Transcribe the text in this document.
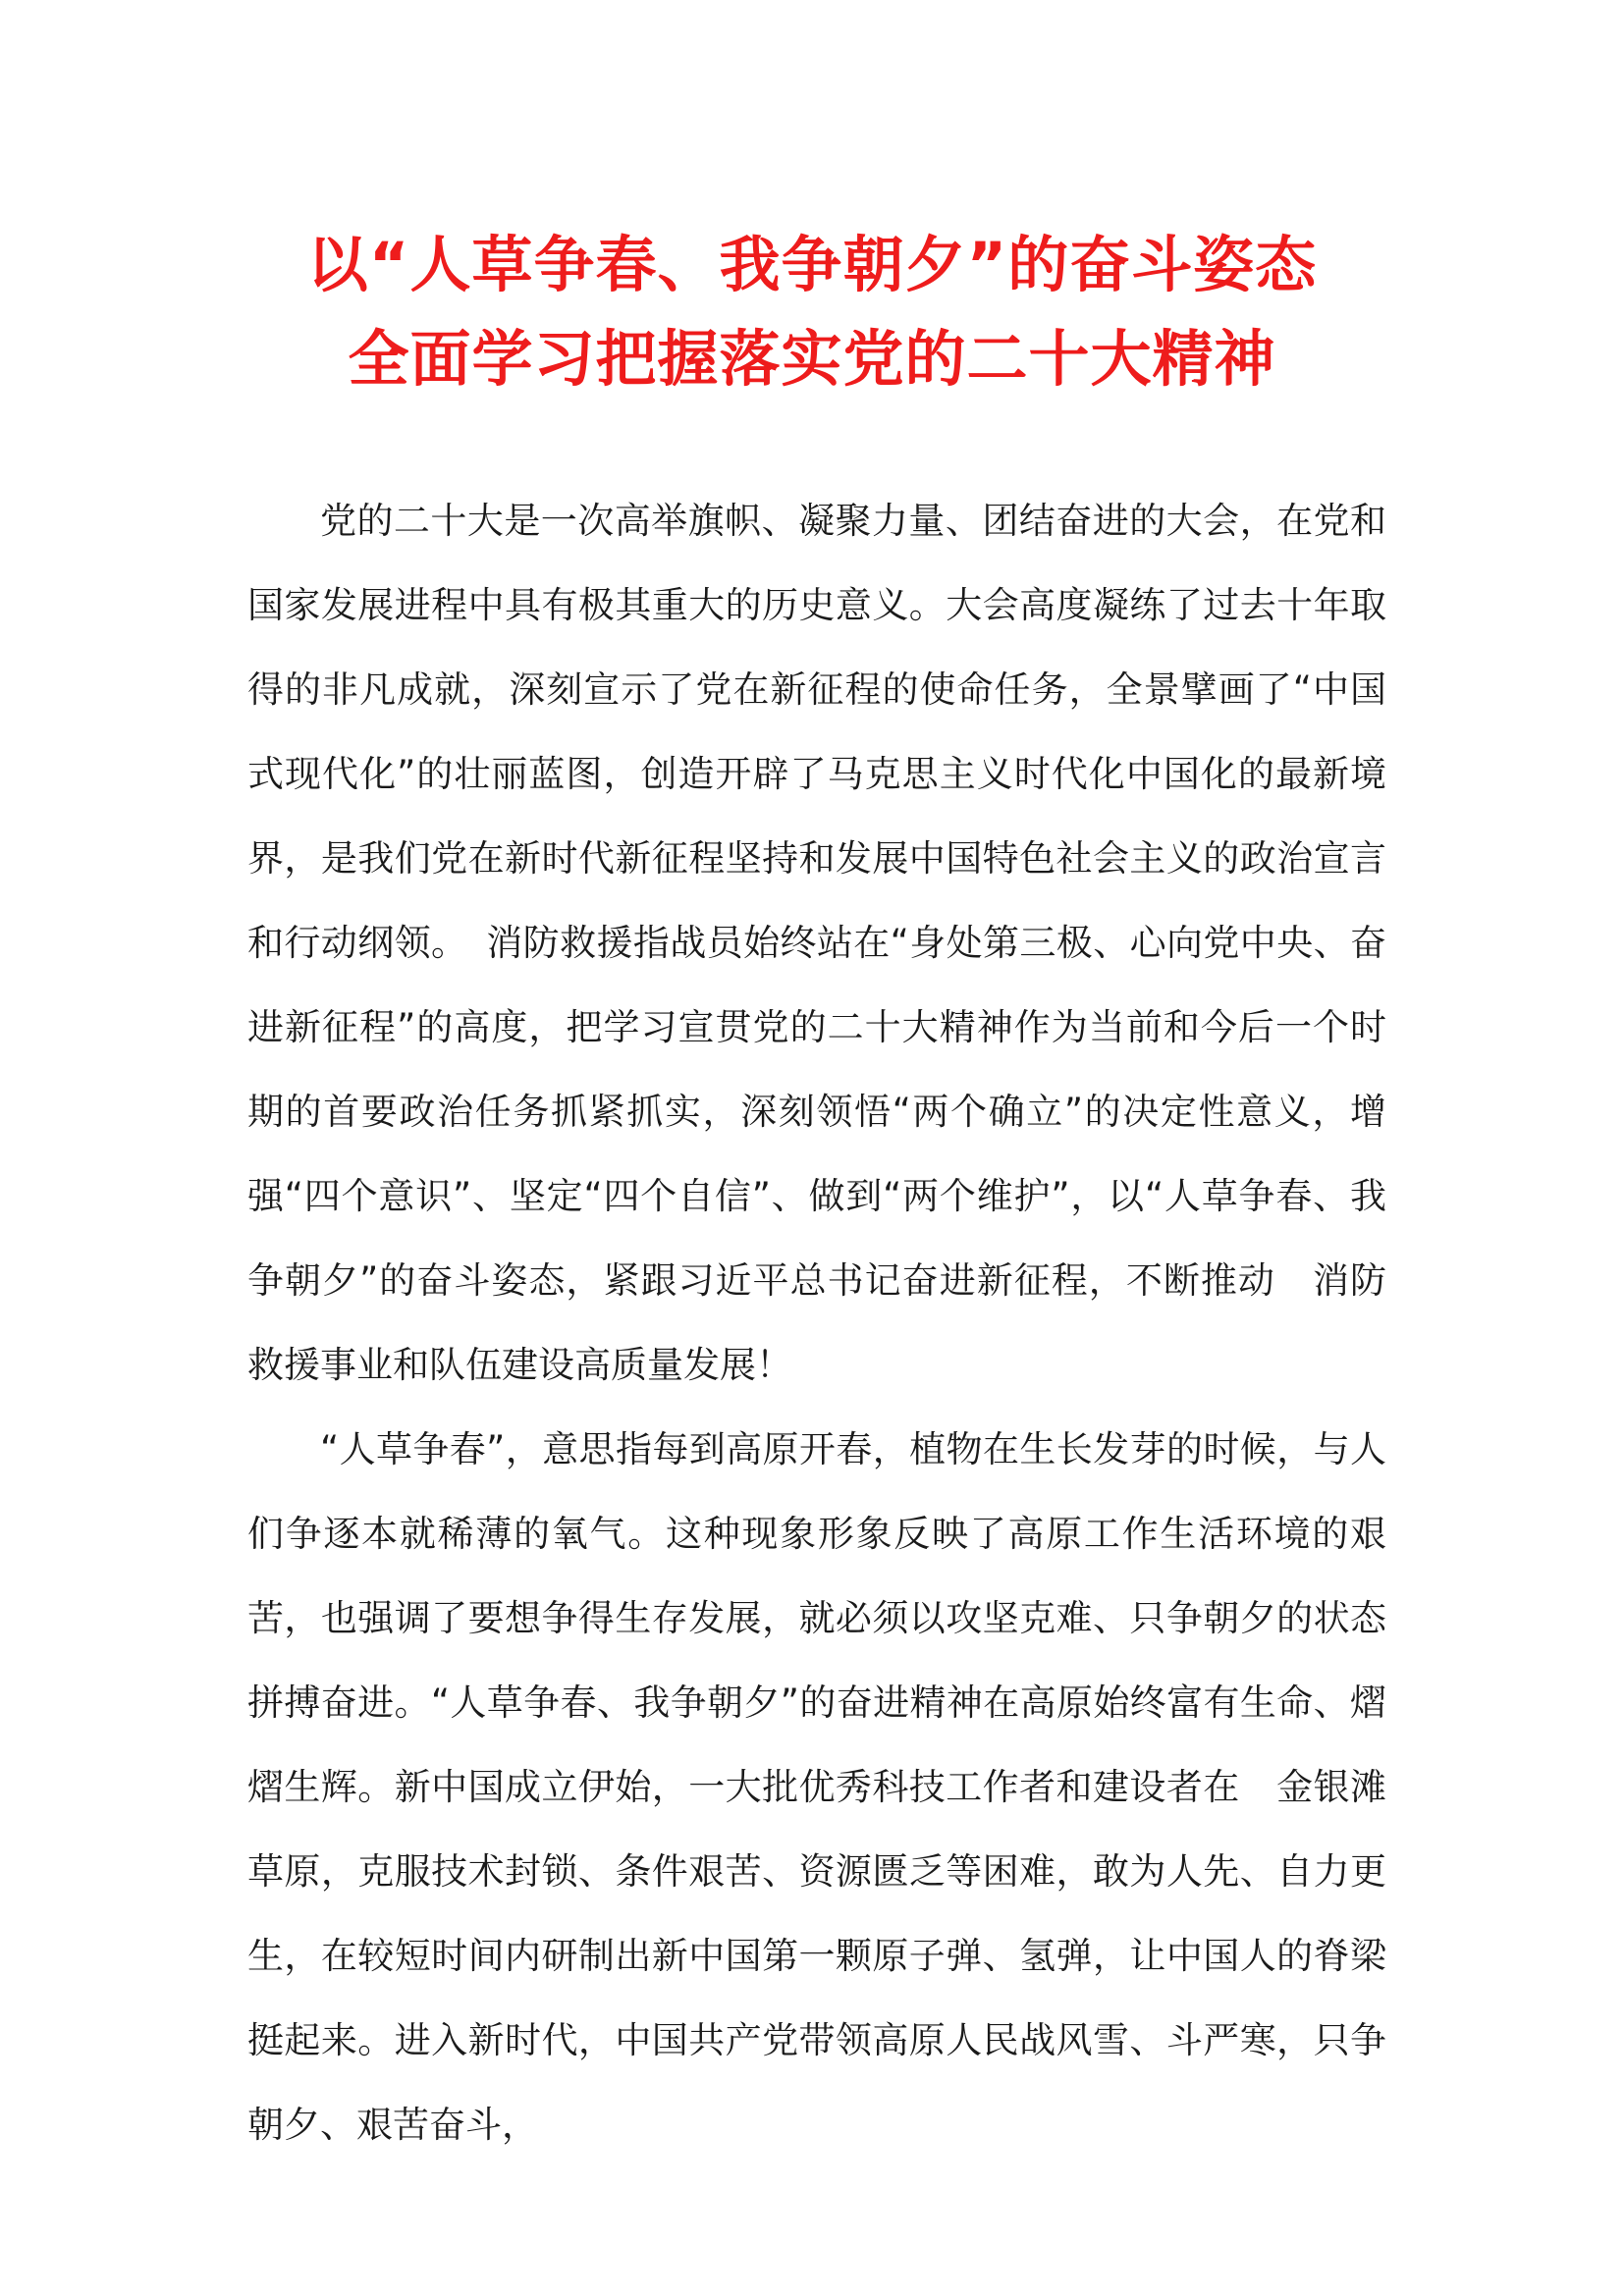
以“人草争春、我争朝夕”的奋斗姿态
全面学习把握落实党的二十大精神

党的二十大是一次高举旗帜、凝聚力量、团结奋进的大会，在党和国家发展进程中具有极其重大的历史意义。大会高度凝练了过去十年取得的非凡成就，深刻宣示了党在新征程的使命任务，全景擘画了“中国式现代化”的壮丽蓝图，创造开辟了马克思主义时代化中国化的最新境界，是我们党在新时代新征程坚持和发展中国特色社会主义的政治宣言和行动纲领。　消防救援指战员始终站在“身处第三极、心向党中央、奋进新征程”的高度，把学习宣贯党的二十大精神作为当前和今后一个时期的首要政治任务抓紧抓实，深刻领悟“两个确立”的决定性意义，增强“四个意识”、坚定“四个自信”、做到“两个维护”，以“人草争春、我争朝夕”的奋斗姿态，紧跟习近平总书记奋进新征程，不断推动　消防救援事业和队伍建设高质量发展！

“人草争春”，意思指每到高原开春，植物在生长发芽的时候，与人们争逐本就稀薄的氧气。这种现象形象反映了高原工作生活环境的艰苦，也强调了要想争得生存发展，就必须以攻坚克难、只争朝夕的状态拼搏奋进。“人草争春、我争朝夕”的奋进精神在高原始终富有生命、熠熠生辉。新中国成立伊始，一大批优秀科技工作者和建设者在　金银滩草原，克服技术封锁、条件艰苦、资源匮乏等困难，敢为人先、自力更生，在较短时间内研制出新中国第一颗原子弹、氢弹，让中国人的脊梁挺起来。进入新时代，中国共产党带领高原人民战风雪、斗严寒，只争朝夕、艰苦奋斗，
